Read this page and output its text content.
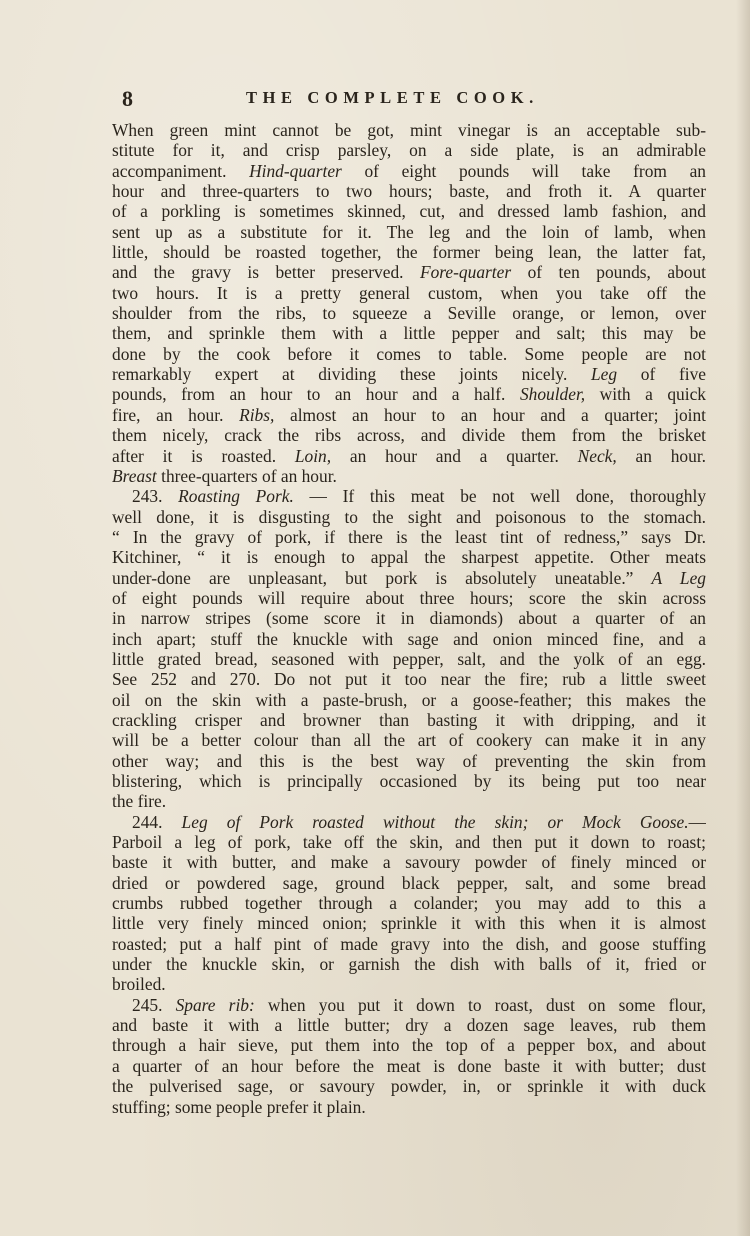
8	THE COMPLETE COOK.
When green mint cannot be got, mint vinegar is an acceptable sub-
stitute for it, and crisp parsley, on a side plate, is an admirable
accompaniment. Hind-quarter of eight pounds will take from an
hour and three-quarters to two hours; baste, and froth it. A quarter
of a porkling is sometimes skinned, cut, and dressed lamb fashion, and
sent up as a substitute for it. The leg and the loin of lamb, when
little, should be roasted together, the former being lean, the latter fat,
and the gravy is better preserved. Fore-quarter of ten pounds, about
two hours. It is a pretty general custom, when you take off the
shoulder from the ribs, to squeeze a Seville orange, or lemon, over
them, and sprinkle them with a little pepper and salt; this may be
done by the cook before it comes to table. Some people are not
remarkably expert at dividing these joints nicely. Leg of five
pounds, from an hour to an hour and a half. Shoulder, with a quick
fire, an hour. Ribs, almost an hour to an hour and a quarter; joint
them nicely, crack the ribs across, and divide them from the brisket
after it is roasted. Loin, an hour and a quarter. Neck, an hour.
Breast three-quarters of an hour.
243. Roasting Pork. — If this meat be not well done, thoroughly
well done, it is disgusting to the sight and poisonous to the stomach.
“ In the gravy of pork, if there is the least tint of redness,” says Dr.
Kitchiner, “ it is enough to appal the sharpest appetite. Other meats
under-done are unpleasant, but pork is absolutely uneatable.” A Leg
of eight pounds will require about three hours; score the skin across
in narrow stripes (some score it in diamonds) about a quarter of an
inch apart; stuff the knuckle with sage and onion minced fine, and a
little grated bread, seasoned with pepper, salt, and the yolk of an egg.
See 252 and 270. Do not put it too near the fire; rub a little sweet
oil on the skin with a paste-brush, or a goose-feather; this makes the
crackling crisper and browner than basting it with dripping, and it
will be a better colour than all the art of cookery can make it in any
other way; and this is the best way of preventing the skin from
blistering, which is principally occasioned by its being put too near
the fire.
244. Leg of Pork roasted without the skin; or Mock Goose.—
Parboil a leg of pork, take off the skin, and then put it down to roast;
baste it with butter, and make a savoury powder of finely minced or
dried or powdered sage, ground black pepper, salt, and some bread
crumbs rubbed together through a colander; you may add to this a
little very finely minced onion; sprinkle it with this when it is almost
roasted; put a half pint of made gravy into the dish, and goose stuffing
under the knuckle skin, or garnish the dish with balls of it, fried or
broiled.
245. Spare rib: when you put it down to roast, dust on some flour,
and baste it with a little butter; dry a dozen sage leaves, rub them
through a hair sieve, put them into the top of a pepper box, and about
a quarter of an hour before the meat is done baste it with butter; dust
the pulverised sage, or savoury powder, in, or sprinkle it with duck
stuffing; some people prefer it plain.
